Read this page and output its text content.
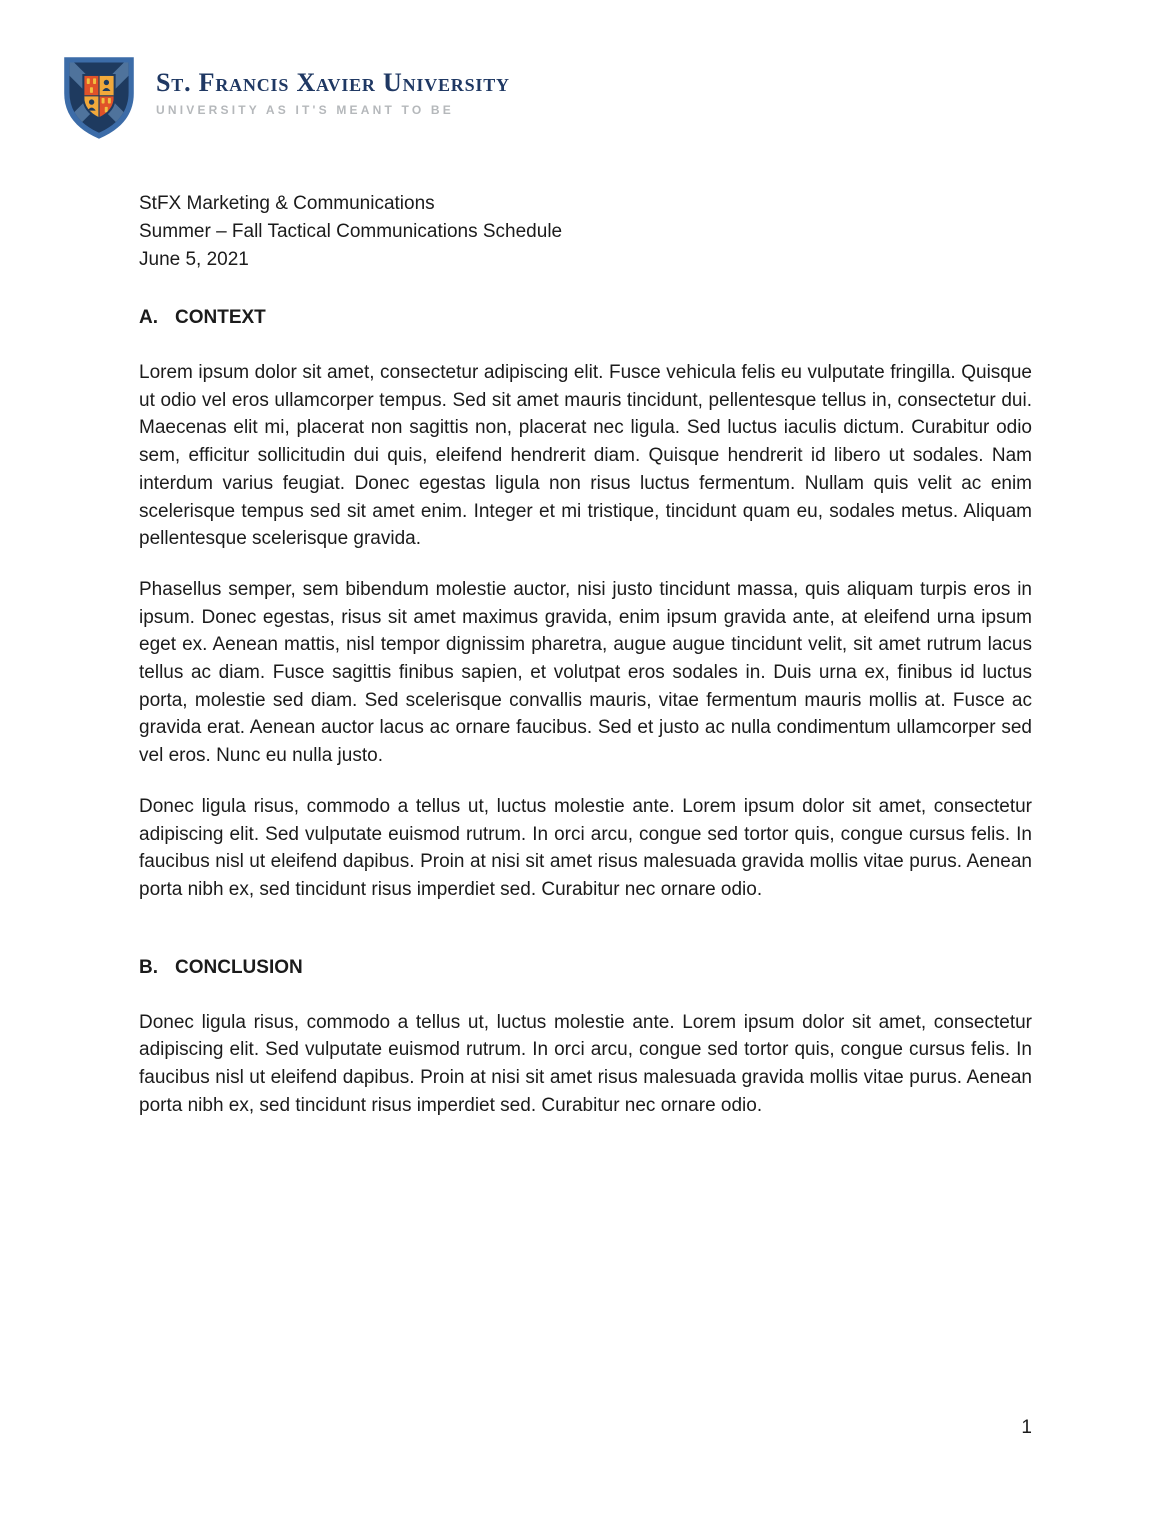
St. Francis Xavier University
UNIVERSITY AS IT'S MEANT TO BE
StFX Marketing & Communications
Summer – Fall Tactical Communications Schedule
June 5, 2021
A. CONTEXT

Lorem ipsum dolor sit amet, consectetur adipiscing elit. Fusce vehicula felis eu vulputate fringilla. Quisque ut odio vel eros ullamcorper tempus. Sed sit amet mauris tincidunt, pellentesque tellus in, consectetur dui. Maecenas elit mi, placerat non sagittis non, placerat nec ligula. Sed luctus iaculis dictum. Curabitur odio sem, efficitur sollicitudin dui quis, eleifend hendrerit diam. Quisque hendrerit id libero ut sodales. Nam interdum varius feugiat. Donec egestas ligula non risus luctus fermentum. Nullam quis velit ac enim scelerisque tempus sed sit amet enim. Integer et mi tristique, tincidunt quam eu, sodales metus. Aliquam pellentesque scelerisque gravida.

Phasellus semper, sem bibendum molestie auctor, nisi justo tincidunt massa, quis aliquam turpis eros in ipsum. Donec egestas, risus sit amet maximus gravida, enim ipsum gravida ante, at eleifend urna ipsum eget ex. Aenean mattis, nisl tempor dignissim pharetra, augue augue tincidunt velit, sit amet rutrum lacus tellus ac diam. Fusce sagittis finibus sapien, et volutpat eros sodales in. Duis urna ex, finibus id luctus porta, molestie sed diam. Sed scelerisque convallis mauris, vitae fermentum mauris mollis at. Fusce ac gravida erat. Aenean auctor lacus ac ornare faucibus. Sed et justo ac nulla condimentum ullamcorper sed vel eros. Nunc eu nulla justo.

Donec ligula risus, commodo a tellus ut, luctus molestie ante. Lorem ipsum dolor sit amet, consectetur adipiscing elit. Sed vulputate euismod rutrum. In orci arcu, congue sed tortor quis, congue cursus felis. In faucibus nisl ut eleifend dapibus. Proin at nisi sit amet risus malesuada gravida mollis vitae purus. Aenean porta nibh ex, sed tincidunt risus imperdiet sed. Curabitur nec ornare odio.

B. CONCLUSION

Donec ligula risus, commodo a tellus ut, luctus molestie ante. Lorem ipsum dolor sit amet, consectetur adipiscing elit. Sed vulputate euismod rutrum. In orci arcu, congue sed tortor quis, congue cursus felis. In faucibus nisl ut eleifend dapibus. Proin at nisi sit amet risus malesuada gravida mollis vitae purus. Aenean porta nibh ex, sed tincidunt risus imperdiet sed. Curabitur nec ornare odio.

1
